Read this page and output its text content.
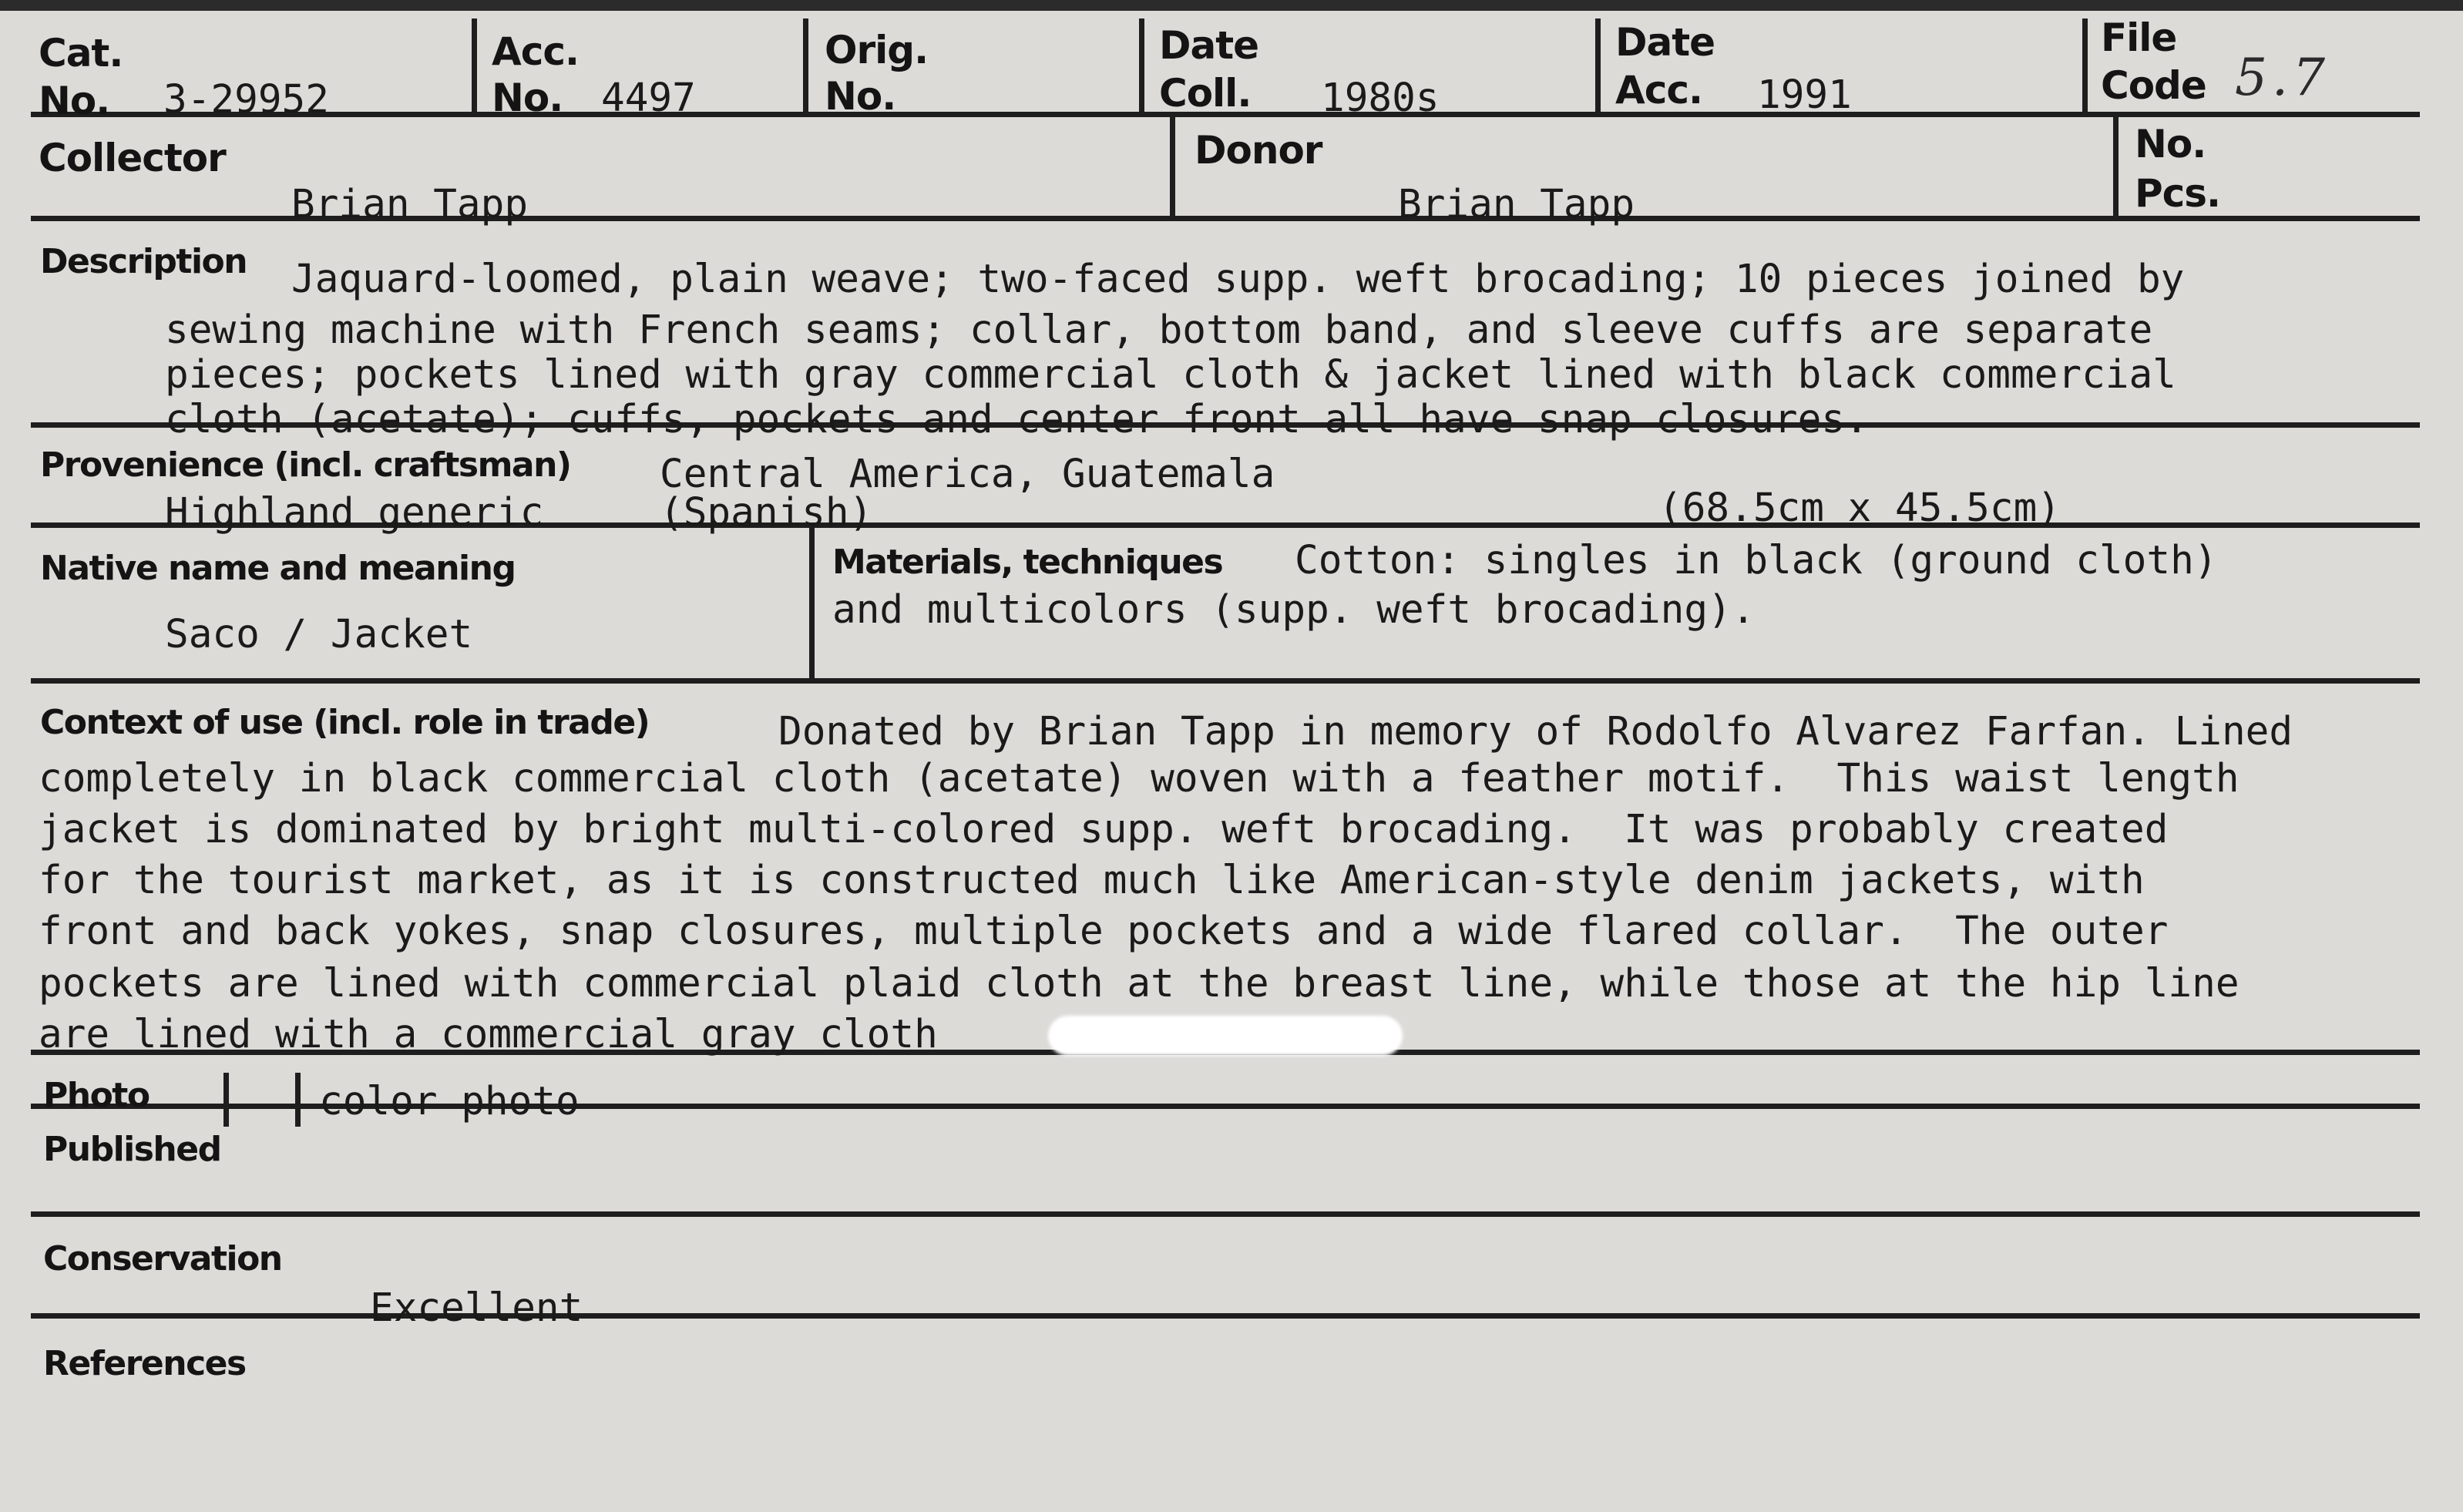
Cat.
No. 3-29952
Acc.
No. 4497
Orig.
No.
Date
Coll. 1980s
Date
Acc. 1991
File
Code 5.7
Collector
Brian Tapp
Donor
Brian Tapp
No.
Pcs.
Description Jaquard-loomed, plain weave; two-faced supp. weft brocading; 10 pieces joined by
sewing machine with French seams; collar, bottom band, and sleeve cuffs are separate
pieces; pockets lined with gray commercial cloth & jacket lined with black commercial
cloth (acetate); cuffs, pockets and center front all have snap closures.
Provenience (incl. craftsman) Central America, Guatemala
Highland generic	(Spanish)	(68.5cm x 45.5cm)
Native name and meaning
Saco / Jacket
Materials, techniques Cotton: singles in black (ground cloth)
and multicolors (supp. weft brocading).
Context of use (incl. role in trade)	Donated by Brian Tapp in memory of Rodolfo Alvarez Farfan. Lined
completely in black commercial cloth (acetate) woven with a feather motif.  This waist length
jacket is dominated by bright multi-colored supp. weft brocading.  It was probably created
for the tourist market, as it is constructed much like American-style denim jackets, with
front and back yokes, snap closures, multiple pockets and a wide flared collar.  The outer
pockets are lined with commercial plaid cloth at the breast line, while those at the hip line
are lined with a commercial gray cloth
Photo	color photo
Published
Conservation
Excellent
References
